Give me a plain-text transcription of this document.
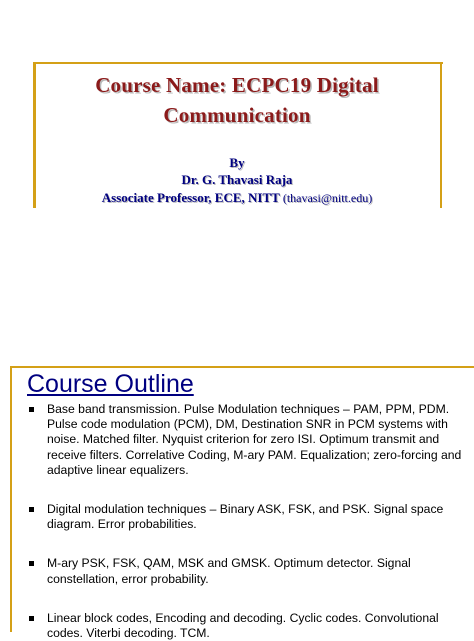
Course Name: ECPC19 Digital
Communication
By
Dr. G. Thavasi Raja
Associate Professor, ECE, NITT (thavasi@nitt.edu)
Course Outline
Base band transmission. Pulse Modulation techniques – PAM, PPM, PDM. Pulse code modulation (PCM), DM, Destination SNR in PCM systems with noise. Matched filter. Nyquist criterion for zero ISI. Optimum transmit and receive filters. Correlative Coding, M-ary PAM. Equalization; zero-forcing and adaptive linear equalizers.
Digital modulation techniques – Binary ASK, FSK, and PSK. Signal space diagram. Error probabilities.
M-ary PSK, FSK, QAM, MSK and GMSK. Optimum detector. Signal constellation, error probability.
Linear block codes, Encoding and decoding. Cyclic codes. Convolutional codes. Viterbi decoding. TCM.
